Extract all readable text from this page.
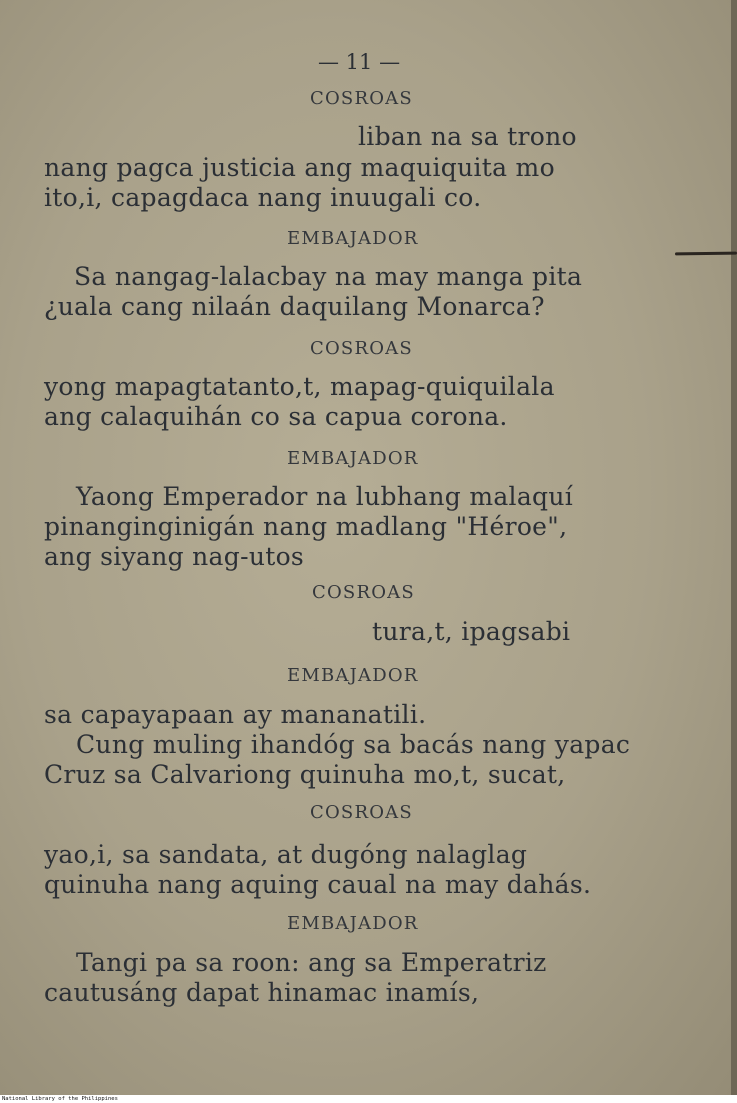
— 11 —

COSROAS

liban na sa trono

nang pagca justicia ang maquiquita mo

ito,i, capagdaca nang inuugali co.

EMBAJADOR

Sa nangag-lalacbay na may manga pita

¿uala cang nilaán daquilang Monarca?

COSROAS

yong mapagtatanto,t, mapag-quiquilala

ang calaquihán co sa capua corona.

EMBAJADOR

Yaong Emperador na lubhang malaquí

pinanginginigán nang madlang "Héroe",

ang siyang nag-utos

COSROAS

tura,t, ipagsabi

EMBAJADOR

sa capayapaan ay mananatili.

Cung muling ihandóg sa bacás nang yapac

Cruz sa Calvariong quinuha mo,t, sucat,

COSROAS

yao,i, sa sandata, at dugóng nalaglag

quinuha nang aquing caual na may dahás.

EMBAJADOR

Tangi pa sa roon: ang sa Emperatriz

cautusáng dapat hinamac inamís,

National Library of the Philippines
